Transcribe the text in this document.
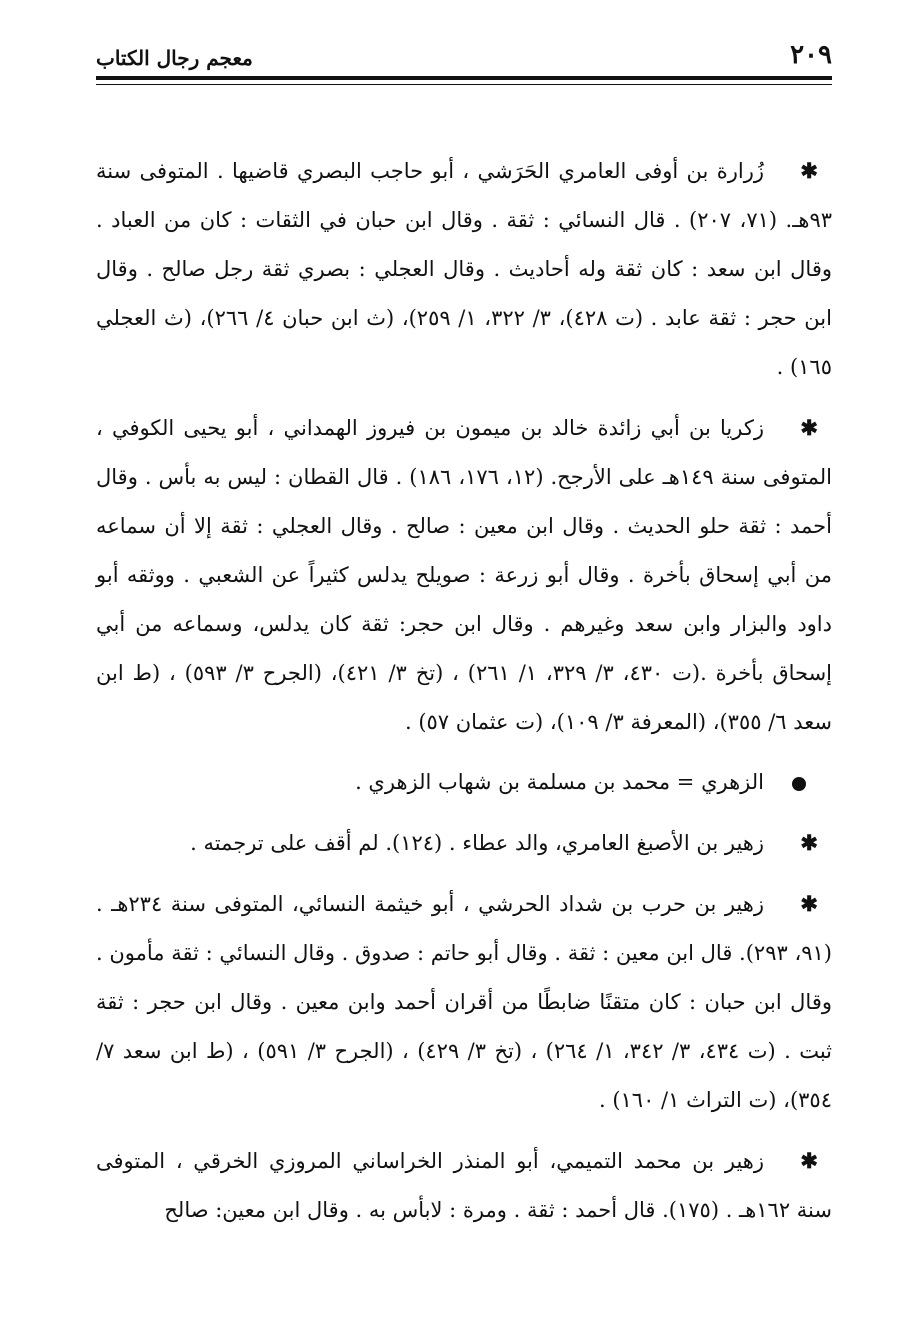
٢٠٩
معجم رجال الكتاب

✱زُرارة بن أوفى العامري الحَرَشي ، أبو حاجب البصري قاضيها . المتوفى سنة ٩٣هـ. (٧١، ٢٠٧) . قال النسائي : ثقة . وقال ابن حبان في الثقات : كان من العباد . وقال ابن سعد : كان ثقة وله أحاديث . وقال العجلي : بصري ثقة رجل صالح . وقال ابن حجر : ثقة عابد . (ت ٤٢٨)، ٣/ ٣٢٢، ١/ ٢٥٩)، (ث ابن حبان ٤/ ٢٦٦)، (ث العجلي ١٦٥) .

✱زكريا بن أبي زائدة خالد بن ميمون بن فيروز الهمداني ، أبو يحيى الكوفي ، المتوفى سنة ١٤٩هـ على الأرجح. (١٢، ١٧٦، ١٨٦) . قال القطان : ليس به بأس . وقال أحمد : ثقة حلو الحديث . وقال ابن معين : صالح . وقال العجلي : ثقة إلا أن سماعه من أبي إسحاق بأخرة . وقال أبو زرعة : صويلح يدلس كثيراً عن الشعبي . ووثقه أبو داود والبزار وابن سعد وغيرهم . وقال ابن حجر: ثقة كان يدلس، وسماعه من أبي إسحاق بأخرة .(ت ٤٣٠، ٣/ ٣٢٩، ١/ ٢٦١) ، (تخ ٣/ ٤٢١)، (الجرح ٣/ ٥٩٣) ، (ط ابن سعد ٦/ ٣٥٥)، (المعرفة ٣/ ١٠٩)، (ت عثمان ٥٧) .

الزهري = محمد بن مسلمة بن شهاب الزهري .

✱زهير بن الأصبغ العامري، والد عطاء . (١٢٤). لم أقف على ترجمته .

✱زهير بن حرب بن شداد الحرشي ، أبو خيثمة النسائي، المتوفى سنة ٢٣٤هـ . (٩١، ٢٩٣). قال ابن معين : ثقة . وقال أبو حاتم : صدوق . وقال النسائي : ثقة مأمون . وقال ابن حبان : كان متقنًا ضابطًا من أقران أحمد وابن معين . وقال ابن حجر : ثقة ثبت . (ت ٤٣٤، ٣/ ٣٤٢، ١/ ٢٦٤) ، (تخ ٣/ ٤٢٩) ، (الجرح ٣/ ٥٩١) ، (ط ابن سعد ٧/ ٣٥٤)، (ت التراث ١/ ١٦٠) .

✱زهير بن محمد التميمي، أبو المنذر الخراساني المروزي الخرقي ، المتوفى سنة ١٦٢هـ . (١٧٥). قال أحمد : ثقة . ومرة : لابأس به . وقال ابن معين: صالح
